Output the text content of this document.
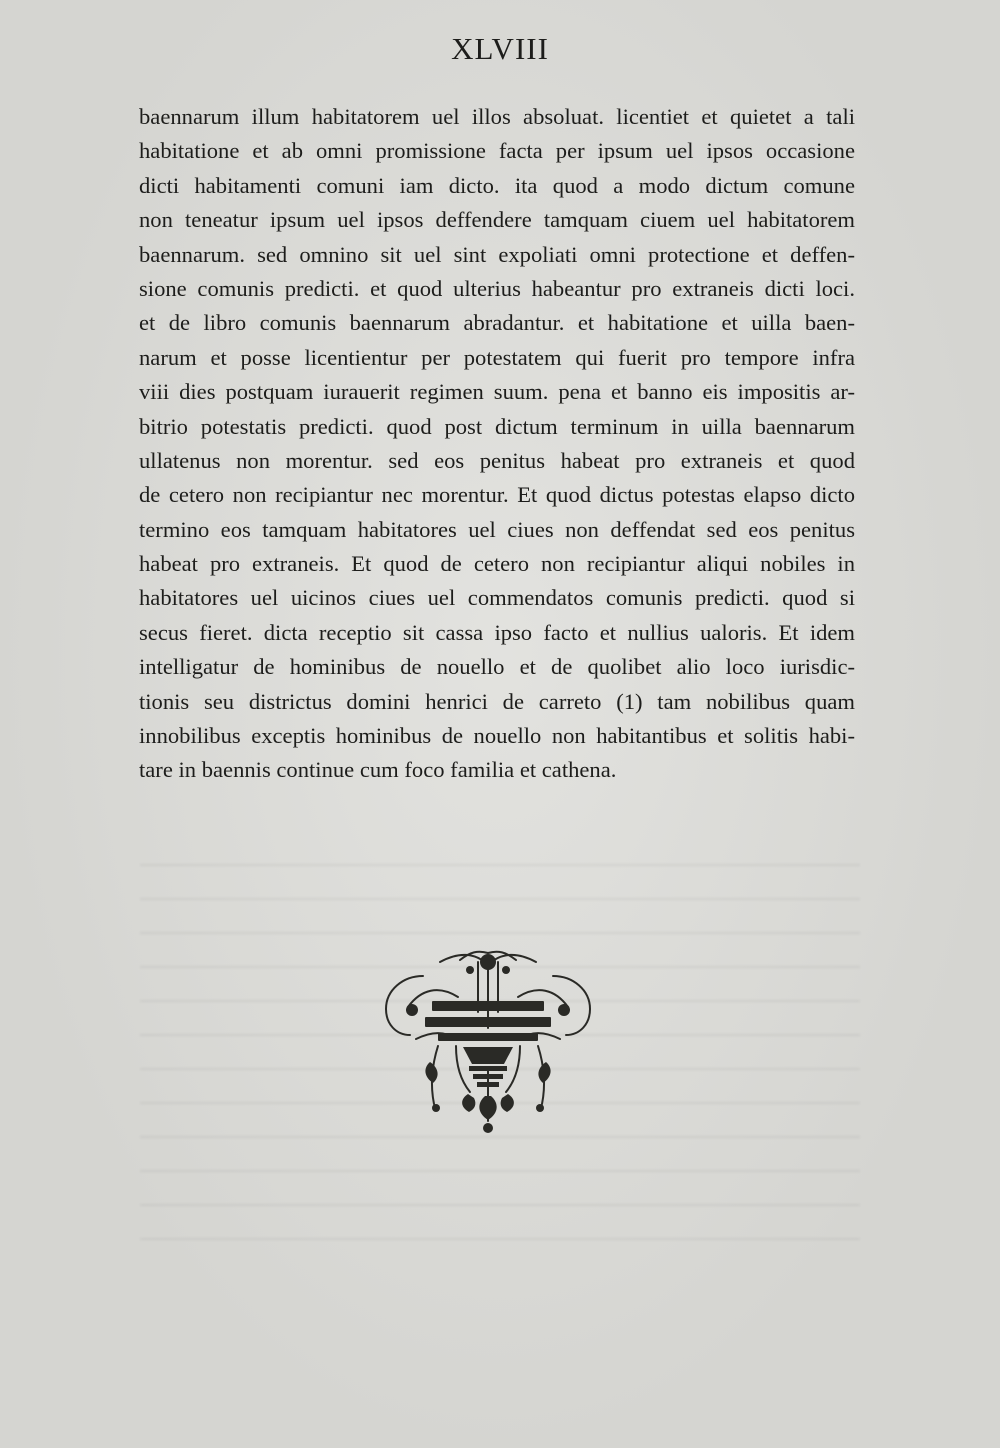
XLVIII
baennarum illum habitatorem uel illos absoluat. licentiet et quietet a tali
habitatione et ab omni promissione facta per ipsum uel ipsos occasione
dicti habitamenti comuni iam dicto. ita quod a modo dictum comune
non teneatur ipsum uel ipsos deffendere tamquam ciuem uel habitatorem
baennarum. sed omnino sit uel sint expoliati omni protectione et deffen-
sione comunis predicti. et quod ulterius habeantur pro extraneis dicti loci.
et de libro comunis baennarum abradantur. et habitatione et uilla baen-
narum et posse licentientur per potestatem qui fuerit pro tempore infra
viii dies postquam iurauerit regimen suum. pena et banno eis impositis ar-
bitrio potestatis predicti. quod post dictum terminum in uilla baennarum
ullatenus non morentur. sed eos penitus habeat pro extraneis et quod
de cetero non recipiantur nec morentur. Et quod dictus potestas elapso dicto
termino eos tamquam habitatores uel ciues non deffendat sed eos penitus
habeat pro extraneis. Et quod de cetero non recipiantur aliqui nobiles in
habitatores uel uicinos ciues uel commendatos comunis predicti. quod si
secus fieret. dicta receptio sit cassa ipso facto et nullius ualoris. Et idem
intelligatur de hominibus de nouello et de quolibet alio loco iurisdic-
tionis seu districtus domini henrici de carreto (1) tam nobilibus quam
innobilibus exceptis hominibus de nouello non habitantibus et solitis habi-
tare in baennis continue cum foco familia et cathena.
